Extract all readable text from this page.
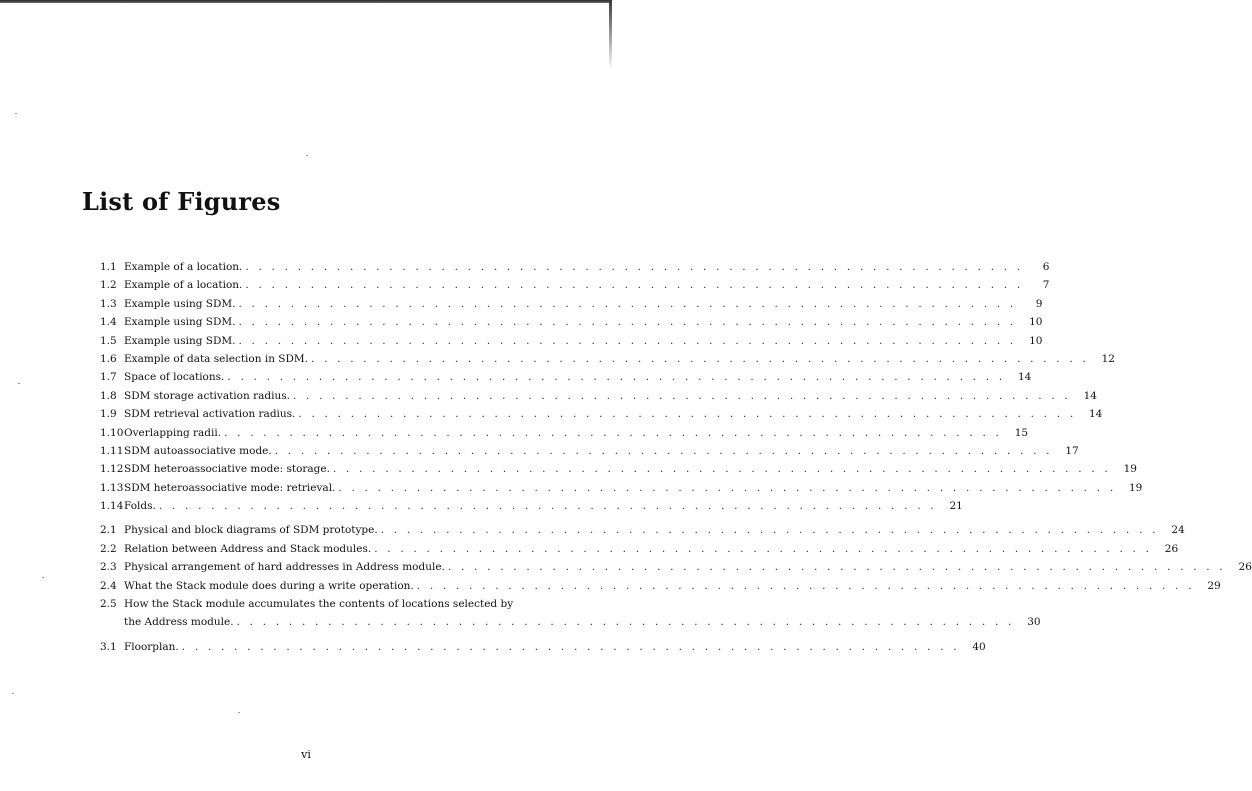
List of Figures
1.1 Example of a location. . . . . . . . . . . . . . . . . . . . . . . . . . . . . . . . . . . . . . . . . . . . . . . . . . . . . . . . . . . . .	6
1.2 Example of a location. . . . . . . . . . . . . . . . . . . . . . . . . . . . . . . . . . . . . . . . . . . . . . . . . . . . . . . . . . . . .	7
1.3 Example using SDM. . . . . . . . . . . . . . . . . . . . . . . . . . . . . . . . . . . . . . . . . . . . . . . . . . . . . . . . . . . . .	9
1.4 Example using SDM. . . . . . . . . . . . . . . . . . . . . . . . . . . . . . . . . . . . . . . . . . . . . . . . . . . . . . . . . . . . .	10
1.5 Example using SDM. . . . . . . . . . . . . . . . . . . . . . . . . . . . . . . . . . . . . . . . . . . . . . . . . . . . . . . . . . . . .	10
1.6 Example of data selection in SDM. . . . . . . . . . . . . . . . . . . . . . . . . . . . . . . . . . . . . . . . . . . . . . . . . . . . . . . . . . . . .	12
1.7 Space of locations. . . . . . . . . . . . . . . . . . . . . . . . . . . . . . . . . . . . . . . . . . . . . . . . . . . . . . . . . . . . .	14
1.8 SDM storage activation radius. . . . . . . . . . . . . . . . . . . . . . . . . . . . . . . . . . . . . . . . . . . . . . . . . . . . . . . . . . . . .	14
1.9 SDM retrieval activation radius. . . . . . . . . . . . . . . . . . . . . . . . . . . . . . . . . . . . . . . . . . . . . . . . . . . . . . . . . . . . .	14
1.10 Overlapping radii. . . . . . . . . . . . . . . . . . . . . . . . . . . . . . . . . . . . . . . . . . . . . . . . . . . . . . . . . . . . .	15
1.11 SDM autoassociative mode. . . . . . . . . . . . . . . . . . . . . . . . . . . . . . . . . . . . . . . . . . . . . . . . . . . . . . . . . . . . .	17
1.12 SDM heteroassociative mode: storage. . . . . . . . . . . . . . . . . . . . . . . . . . . . . . . . . . . . . . . . . . . . . . . . . . . . . . . . . . . . .	19
1.13 SDM heteroassociative mode: retrieval. . . . . . . . . . . . . . . . . . . . . . . . . . . . . . . . . . . . . . . . . . . . . . . . . . . . . . . . . . . . .	19
1.14 Folds. . . . . . . . . . . . . . . . . . . . . . . . . . . . . . . . . . . . . . . . . . . . . . . . . . . . . . . . . . . . .	21
2.1 Physical and block diagrams of SDM prototype. . . . . . . . . . . . . . . . . . . . . . . . . . . . . . . . . . . . . . . . . . . . . . . . . . . . . . . . . . . . .	24
2.2 Relation between Address and Stack modules. . . . . . . . . . . . . . . . . . . . . . . . . . . . . . . . . . . . . . . . . . . . . . . . . . . . . . . . . . . . .	26
2.3 Physical arrangement of hard addresses in Address module. . . . . . . . . . . . . . . . . . . . . . . . . . . . . . . . . . . . . . . . . . . . . . . . . . . . . . . . . . . . .	26
2.4 What the Stack module does during a write operation. . . . . . . . . . . . . . . . . . . . . . . . . . . . . . . . . . . . . . . . . . . . . . . . . . . . . . . . . . . . .	29
2.5 How the Stack module accumulates the contents of locations selected by
the Address module. . . . . . . . . . . . . . . . . . . . . . . . . . . . . . . . . . . . . . . . . . . . . . . . . . . . . . . . . . . . .	30
3.1 Floorplan. . . . . . . . . . . . . . . . . . . . . . . . . . . . . . . . . . . . . . . . . . . . . . . . . . . . . . . . . . . . .	40
vi
